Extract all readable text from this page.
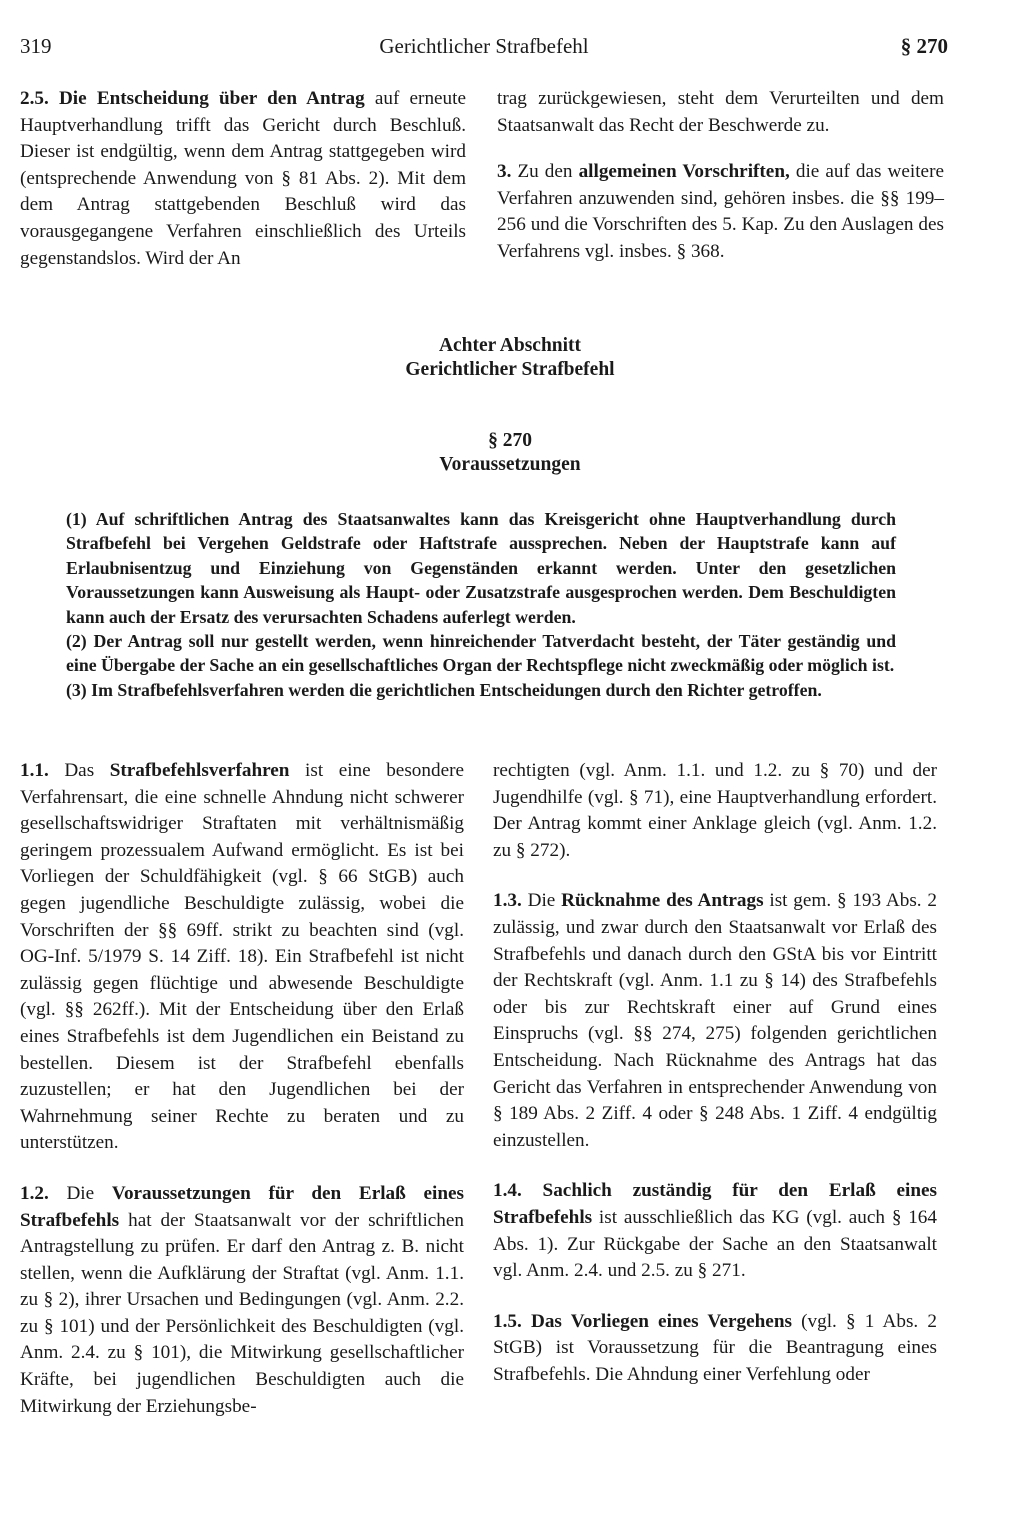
319	Gerichtlicher Strafbefehl	§ 270

2.5. Die Entscheidung über den Antrag auf erneute Hauptverhandlung trifft das Gericht durch Beschluß. Dieser ist endgültig, wenn dem Antrag stattgegeben wird (entsprechende Anwendung von § 81 Abs. 2). Mit dem dem Antrag stattgebenden Beschluß wird das vorausgegangene Verfahren einschließlich des Urteils gegenstandslos. Wird der An

trag zurückgewiesen, steht dem Verurteilten und dem Staatsanwalt das Recht der Beschwerde zu.

3. Zu den allgemeinen Vorschriften, die auf das weitere Verfahren anzuwenden sind, gehören insbes. die §§ 199–256 und die Vorschriften des 5. Kap. Zu den Auslagen des Verfahrens vgl. insbes. § 368.

Achter Abschnitt
Gerichtlicher Strafbefehl
§ 270
Voraussetzungen

(1) Auf schriftlichen Antrag des Staatsanwaltes kann das Kreisgericht ohne Hauptverhandlung durch Strafbefehl bei Vergehen Geldstrafe oder Haftstrafe aussprechen. Neben der Hauptstrafe kann auf Erlaubnisentzug und Einziehung von Gegenständen erkannt werden. Unter den gesetzlichen Voraussetzungen kann Ausweisung als Haupt- oder Zusatzstrafe ausgesprochen werden. Dem Beschuldigten kann auch der Ersatz des verursachten Schadens auferlegt werden.

(2) Der Antrag soll nur gestellt werden, wenn hinreichender Tatverdacht besteht, der Täter geständig und eine Übergabe der Sache an ein gesellschaftliches Organ der Rechtspflege nicht zweckmäßig oder möglich ist.

(3) Im Strafbefehlsverfahren werden die gerichtlichen Entscheidungen durch den Richter getroffen.

1.1. Das Strafbefehlsverfahren ist eine besondere Verfahrensart, die eine schnelle Ahndung nicht schwerer gesellschaftswidriger Straftaten mit verhältnismäßig geringem prozessualem Aufwand ermöglicht. Es ist bei Vorliegen der Schuldfähigkeit (vgl. § 66 StGB) auch gegen jugendliche Beschuldigte zulässig, wobei die Vorschriften der §§ 69ff. strikt zu beachten sind (vgl. OG-Inf. 5/1979 S. 14 Ziff. 18). Ein Strafbefehl ist nicht zulässig gegen flüchtige und abwesende Beschuldigte (vgl. §§ 262ff.). Mit der Entscheidung über den Erlaß eines Strafbefehls ist dem Jugendlichen ein Beistand zu bestellen. Diesem ist der Strafbefehl ebenfalls zuzustellen; er hat den Jugendlichen bei der Wahrnehmung seiner Rechte zu beraten und zu unterstützen.

1.2. Die Voraussetzungen für den Erlaß eines Strafbefehls hat der Staatsanwalt vor der schriftlichen Antragstellung zu prüfen. Er darf den Antrag z. B. nicht stellen, wenn die Aufklärung der Straftat (vgl. Anm. 1.1. zu § 2), ihrer Ursachen und Bedingungen (vgl. Anm. 2.2. zu § 101) und der Persönlichkeit des Beschuldigten (vgl. Anm. 2.4. zu § 101), die Mitwirkung gesellschaftlicher Kräfte, bei jugendlichen Beschuldigten auch die Mitwirkung der Erziehungsbe-

rechtigten (vgl. Anm. 1.1. und 1.2. zu § 70) und der Jugendhilfe (vgl. § 71), eine Hauptverhandlung erfordert. Der Antrag kommt einer Anklage gleich (vgl. Anm. 1.2. zu § 272).

1.3. Die Rücknahme des Antrags ist gem. § 193 Abs. 2 zulässig, und zwar durch den Staatsanwalt vor Erlaß des Strafbefehls und danach durch den GStA bis vor Eintritt der Rechtskraft (vgl. Anm. 1.1 zu § 14) des Strafbefehls oder bis zur Rechtskraft einer auf Grund eines Einspruchs (vgl. §§ 274, 275) folgenden gerichtlichen Entscheidung. Nach Rücknahme des Antrags hat das Gericht das Verfahren in entsprechender Anwendung von § 189 Abs. 2 Ziff. 4 oder § 248 Abs. 1 Ziff. 4 endgültig einzustellen.

1.4. Sachlich zuständig für den Erlaß eines Strafbefehls ist ausschließlich das KG (vgl. auch § 164 Abs. 1). Zur Rückgabe der Sache an den Staatsanwalt vgl. Anm. 2.4. und 2.5. zu § 271.

1.5. Das Vorliegen eines Vergehens (vgl. § 1 Abs. 2 StGB) ist Voraussetzung für die Beantragung eines Strafbefehls. Die Ahndung einer Verfehlung oder
